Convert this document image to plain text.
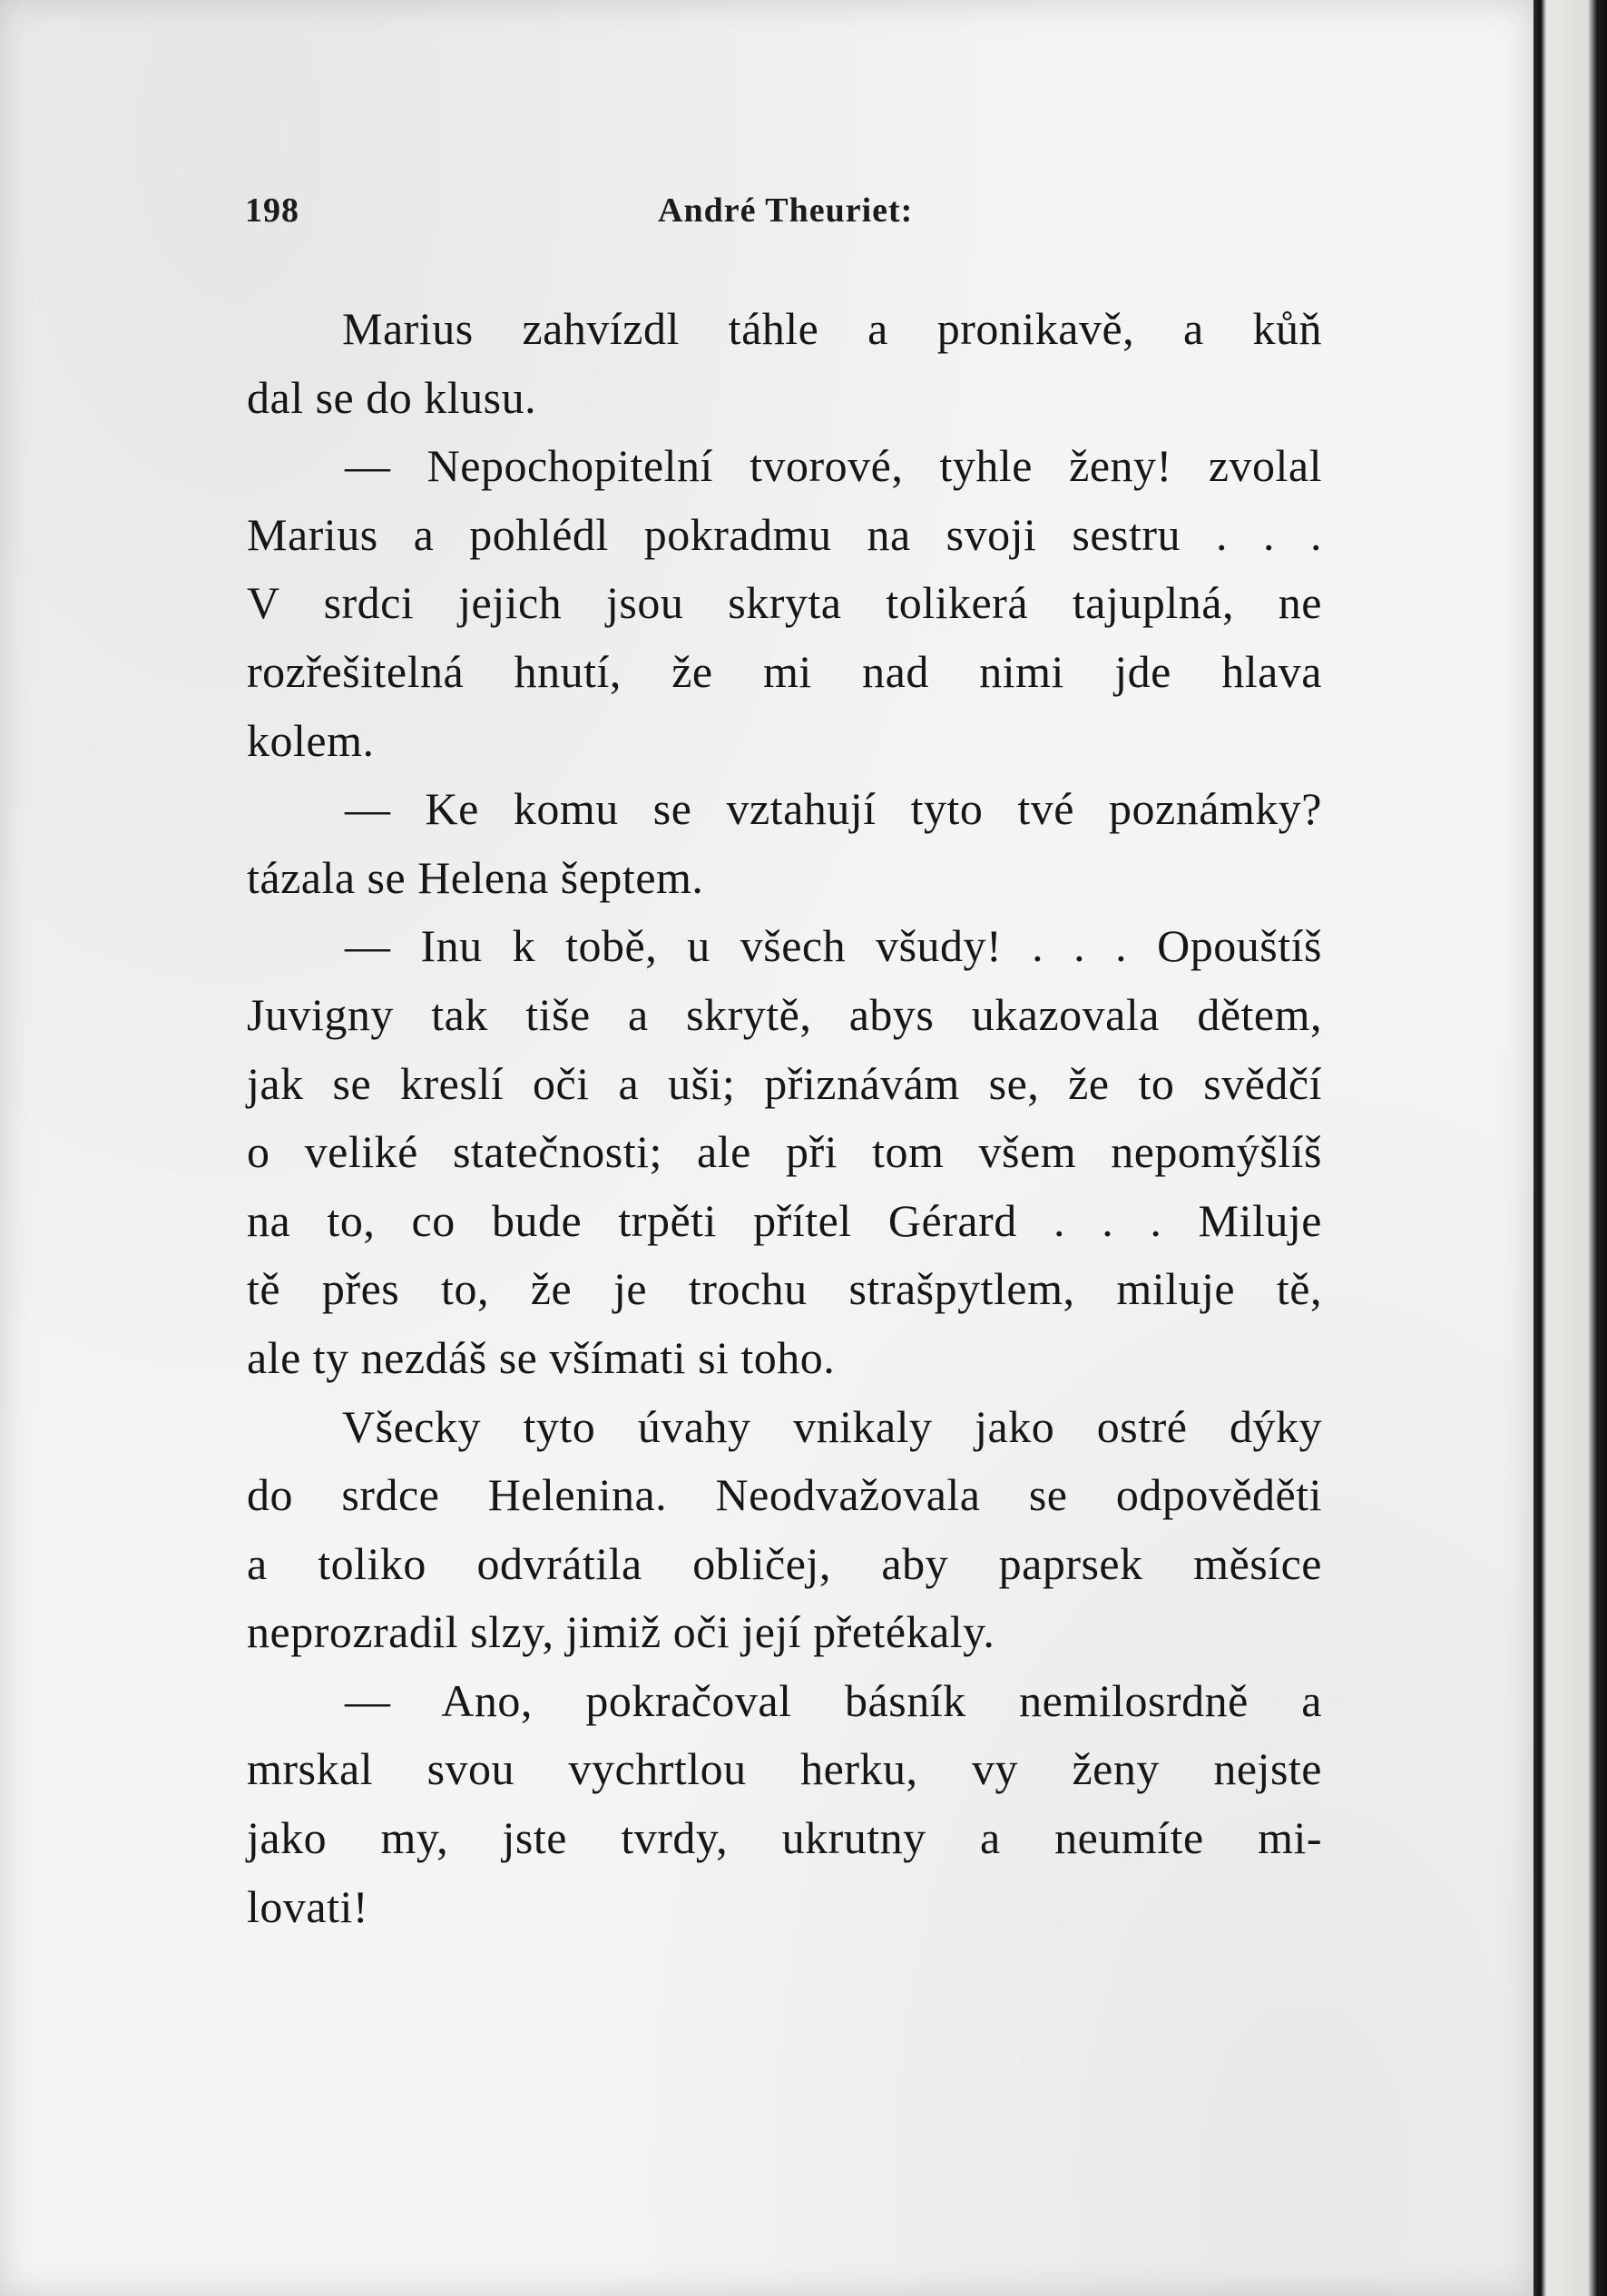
198	André Theuriet:
Marius zahvízdl táhle a pronikavě, a kůň
dal se do klusu.
— Nepochopitelní tvorové, tyhle ženy! zvolal
Marius a pohlédl pokradmu na svoji sestru . . .
V srdci jejich jsou skryta tolikerá tajuplná, ne
rozřešitelná hnutí, že mi nad nimi jde hlava
kolem.
— Ke komu se vztahují tyto tvé poznámky?
tázala se Helena šeptem.
— Inu k tobě, u všech všudy! . . . Opouštíš
Juvigny tak tiše a skrytě, abys ukazovala dětem,
jak se kreslí oči a uši; přiznávám se, že to svědčí
o veliké statečnosti; ale při tom všem nepomýšlíš
na to, co bude trpěti přítel Gérard . . . Miluje
tě přes to, že je trochu strašpytlem, miluje tě,
ale ty nezdáš se všímati si toho.
Všecky tyto úvahy vnikaly jako ostré dýky
do srdce Helenina. Neodvažovala se odpověděti
a toliko odvrátila obličej, aby paprsek měsíce
neprozradil slzy, jimiž oči její přetékaly.
— Ano, pokračoval básník nemilosrdně a
mrskal svou vychrtlou herku, vy ženy nejste
jako my, jste tvrdy, ukrutny a neumíte mi-
lovati!
